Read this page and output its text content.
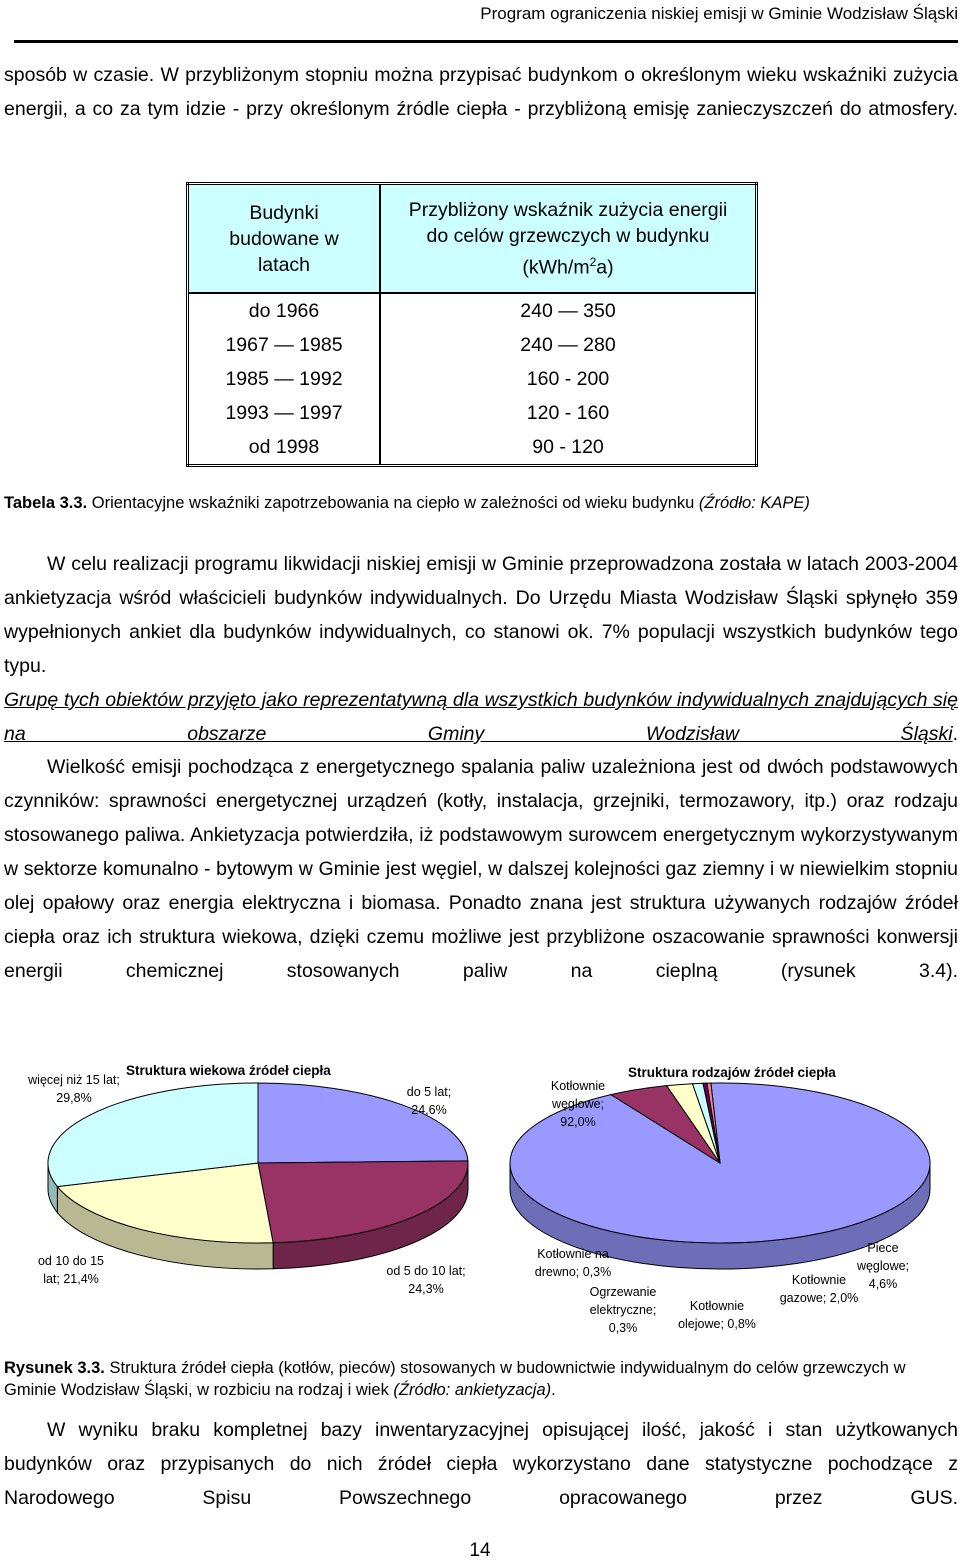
Program ograniczenia niskiej emisji w Gminie Wodzisław Śląski

sposób w czasie. W przybliżonym stopniu można przypisać budynkom o określonym wieku wskaźniki zużycia energii, a co za tym idzie - przy określonym źródle ciepła - przybliżoną emisję zanieczyszczeń do atmosfery.

Budynki budowane w latach	Przybliżony wskaźnik zużycia energii do celów grzewczych w budynku
$(kWh/m^2a)$

do 1966	240 — 350
1967 — 1985	240 — 280
1985 — 1992	160 - 200
1993 — 1997	120 - 160
od 1998	90 - 120

Tabela 3.3. Orientacyjne wskaźniki zapotrzebowania na ciepło w zależności od wieku budynku (Źródło: KAPE)

W celu realizacji programu likwidacji niskiej emisji w Gminie przeprowadzona została w latach 2003-2004 ankietyzacja wśród właścicieli budynków indywidualnych. Do Urzędu Miasta Wodzisław Śląski spłynęło 359 wypełnionych ankiet dla budynków indywidualnych, co stanowi ok. 7% populacji wszystkich budynków tego typu.

Grupę tych obiektów przyjęto jako reprezentatywną dla wszystkich budynków indywidualnych znajdujących się na obszarze Gminy Wodzisław Śląski.

Wielkość emisji pochodząca z energetycznego spalania paliw uzależniona jest od dwóch podstawowych czynników: sprawności energetycznej urządzeń (kotły, instalacja, grzejniki, termozawory, itp.) oraz rodzaju stosowanego paliwa. Ankietyzacja potwierdziła, iż podstawowym surowcem energetycznym wykorzystywanym w sektorze komunalno - bytowym w Gminie jest węgiel, w dalszej kolejności gaz ziemny i w niewielkim stopniu olej opałowy oraz energia elektryczna i biomasa. Ponadto znana jest struktura używanych rodzajów źródeł ciepła oraz ich struktura wiekowa, dzięki czemu możliwe jest przybliżone oszacowanie sprawności konwersji energii chemicznej stosowanych paliw na cieplną (rysunek 3.4).

Struktura wiekowa źródeł ciepła
więcej niż 15 lat; 29,8%	do 5 lat; 24,6%
od 10 do 15 lat; 21,4%
od 5 do 10 lat; 24,3%
Struktura rodzajów źródeł ciepła
Kotłownie węglowe; 92,0%
Kotłownie na drewno; 0,3%
Ogrzewanie elektryczne; 0,3%
Kotłownie olejowe; 0,8%
Kotłownie gazowe; 2,0%
Piece węglowe; 4,6%

Rysunek 3.3. Struktura źródeł ciepła (kotłów, pieców) stosowanych w budownictwie indywidualnym do celów grzewczych w Gminie Wodzisław Śląski, w rozbiciu na rodzaj i wiek (Źródło: ankietyzacja).

W wyniku braku kompletnej bazy inwentaryzacyjnej opisującej ilość, jakość i stan użytkowanych budynków oraz przypisanych do nich źródeł ciepła wykorzystano dane statystyczne pochodzące z Narodowego Spisu Powszechnego opracowanego przez GUS.

14
